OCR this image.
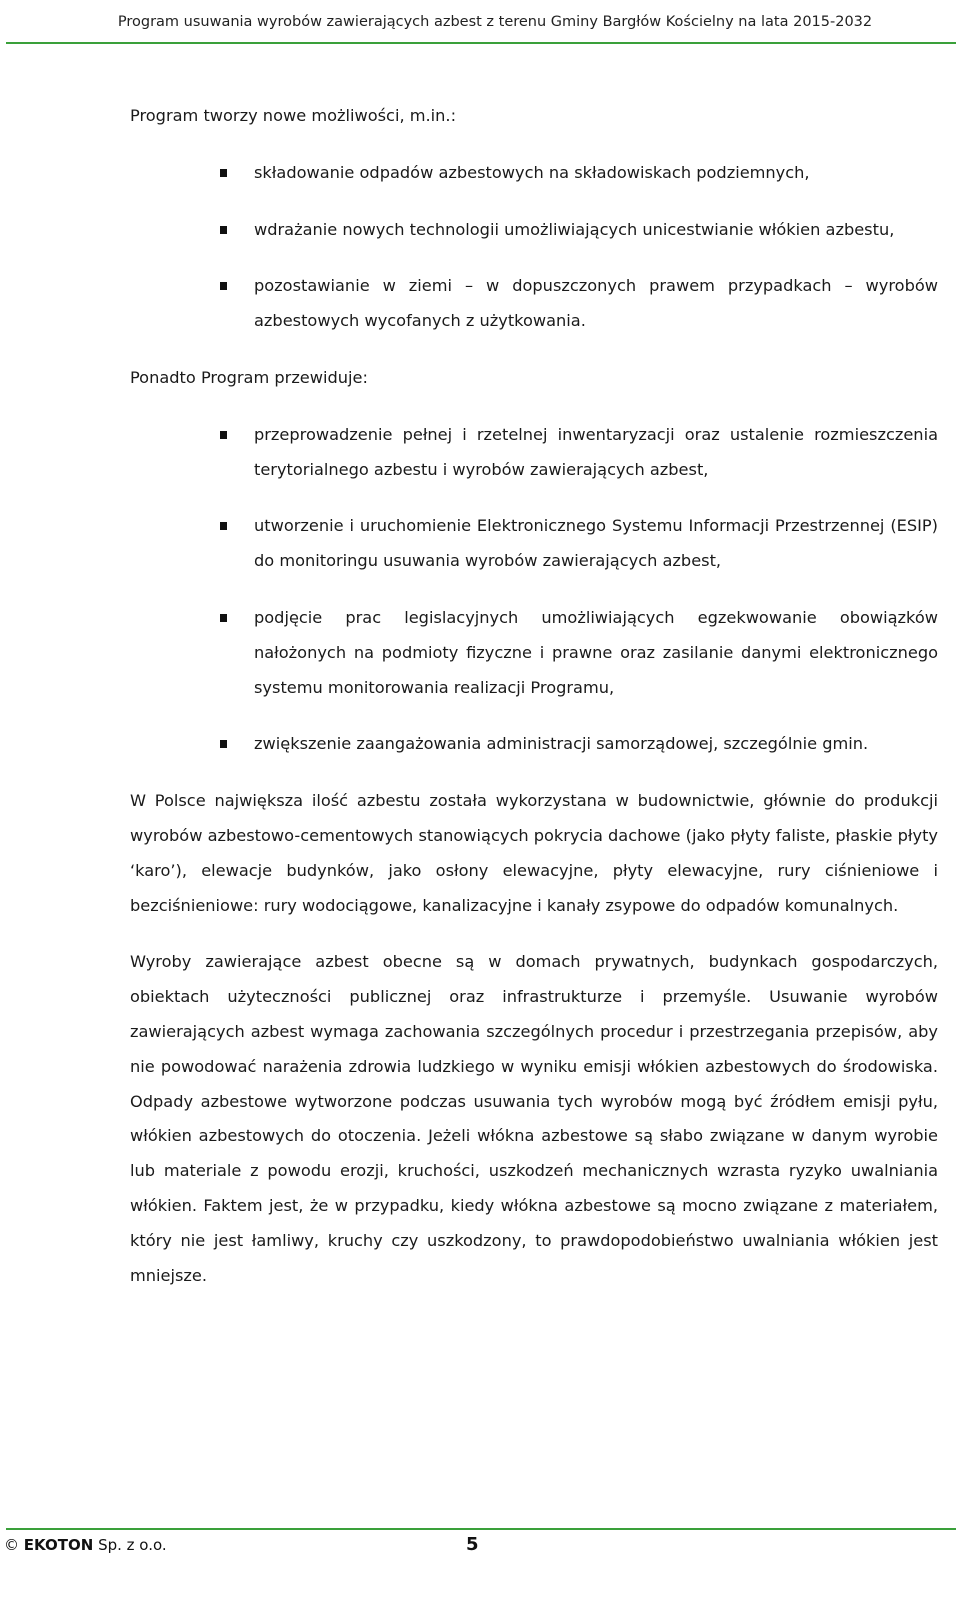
Program usuwania wyrobów zawierających azbest z terenu Gminy Bargłów Kościelny na lata 2015-2032

Program tworzy nowe możliwości, m.in.:

składowanie odpadów azbestowych na składowiskach podziemnych,
wdrażanie nowych technologii umożliwiających unicestwianie włókien azbestu,
pozostawianie w ziemi – w dopuszczonych prawem przypadkach – wyrobów azbestowych wycofanych z użytkowania.

Ponadto Program przewiduje:

przeprowadzenie pełnej i rzetelnej inwentaryzacji oraz ustalenie rozmieszczenia terytorialnego azbestu i wyrobów zawierających azbest,
utworzenie i uruchomienie Elektronicznego Systemu Informacji Przestrzennej (ESIP) do monitoringu usuwania wyrobów zawierających azbest,
podjęcie prac legislacyjnych umożliwiających egzekwowanie obowiązków nałożonych na podmioty fizyczne i prawne oraz zasilanie danymi elektronicznego systemu monitorowania realizacji Programu,
zwiększenie zaangażowania administracji samorządowej, szczególnie gmin.

W Polsce największa ilość azbestu została wykorzystana w budownictwie, głównie do produkcji wyrobów azbestowo-cementowych stanowiących pokrycia dachowe (jako płyty faliste, płaskie płyty ‘karo’), elewacje budynków, jako osłony elewacyjne, płyty elewacyjne, rury ciśnieniowe i bezciśnieniowe: rury wodociągowe, kanalizacyjne i kanały zsypowe do odpadów komunalnych.

Wyroby zawierające azbest obecne są w domach prywatnych, budynkach gospodarczych, obiektach użyteczności publicznej oraz infrastrukturze i przemyśle. Usuwanie wyrobów zawierających azbest wymaga zachowania szczególnych procedur i przestrzegania przepisów, aby nie powodować narażenia zdrowia ludzkiego w wyniku emisji włókien azbestowych do środowiska. Odpady azbestowe wytworzone podczas usuwania tych wyrobów mogą być źródłem emisji pyłu, włókien azbestowych do otoczenia. Jeżeli włókna azbestowe są słabo związane w danym wyrobie lub materiale z powodu erozji, kruchości, uszkodzeń mechanicznych wzrasta ryzyko uwalniania włókien. Faktem jest, że w przypadku, kiedy włókna azbestowe są mocno związane z materiałem, który nie jest łamliwy, kruchy czy uszkodzony, to prawdopodobieństwo uwalniania włókien jest mniejsze.

© EKOTON Sp. z o.o.	5
